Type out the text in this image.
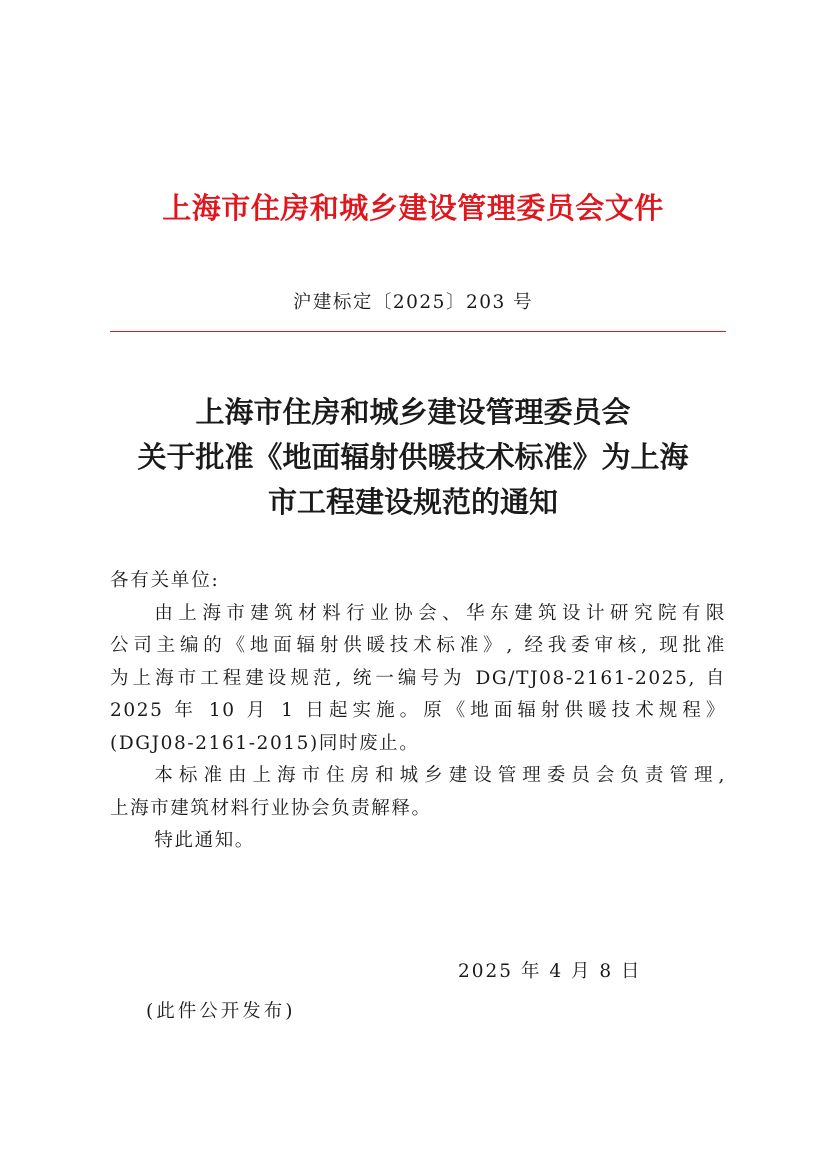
上海市住房和城乡建设管理委员会文件

沪建标定〔2025〕203 号

上海市住房和城乡建设管理委员会
关于批准《地面辐射供暖技术标准》为上海
市工程建设规范的通知

各有关单位:

由上海市建筑材料行业协会、华东建筑设计研究院有限
公司主编的《地面辐射供暖技术标准》, 经我委审核, 现批准
为上海市工程建设规范, 统一编号为 DG/TJ08-2161-2025, 自
2025 年 10 月 1 日起实施。原《地面辐射供暖技术规程》
(DGJ08-2161-2015)同时废止。

本标准由上海市住房和城乡建设管理委员会负责管理,
上海市建筑材料行业协会负责解释。

特此通知。

2025 年 4 月 8 日

(此件公开发布)
